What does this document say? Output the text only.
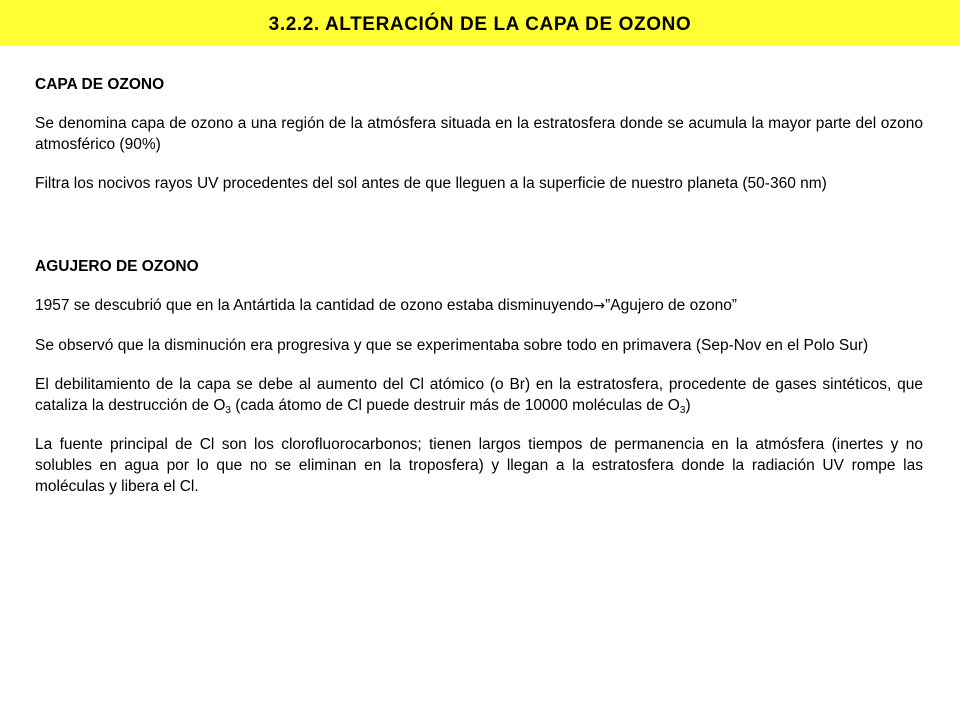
3.2.2. ALTERACIÓN DE LA CAPA DE OZONO

CAPA DE OZONO

Se denomina capa de ozono a una región de la atmósfera situada en la estratosfera donde se acumula la mayor parte del ozono atmosférico (90%)

Filtra los nocivos rayos UV procedentes del sol antes de que lleguen a la superficie de nuestro planeta (50-360 nm)

AGUJERO DE OZONO

1957 se descubrió que en la Antártida la cantidad de ozono estaba disminuyendo→”Agujero de ozono”

Se observó que la disminución era progresiva y que se experimentaba sobre todo en primavera (Sep-Nov en el Polo Sur)

El debilitamiento de la capa se debe al aumento del Cl atómico (o Br) en la estratosfera, procedente de gases sintéticos, que cataliza la destrucción de $O_3$ (cada átomo de Cl puede destruir más de 10000 moléculas de $O_3$)

La fuente principal de Cl son los clorofluorocarbonos; tienen largos tiempos de permanencia en la atmósfera (inertes y no solubles en agua por lo que no se eliminan en la troposfera) y llegan a la estratosfera donde la radiación UV rompe las moléculas y libera el Cl.
